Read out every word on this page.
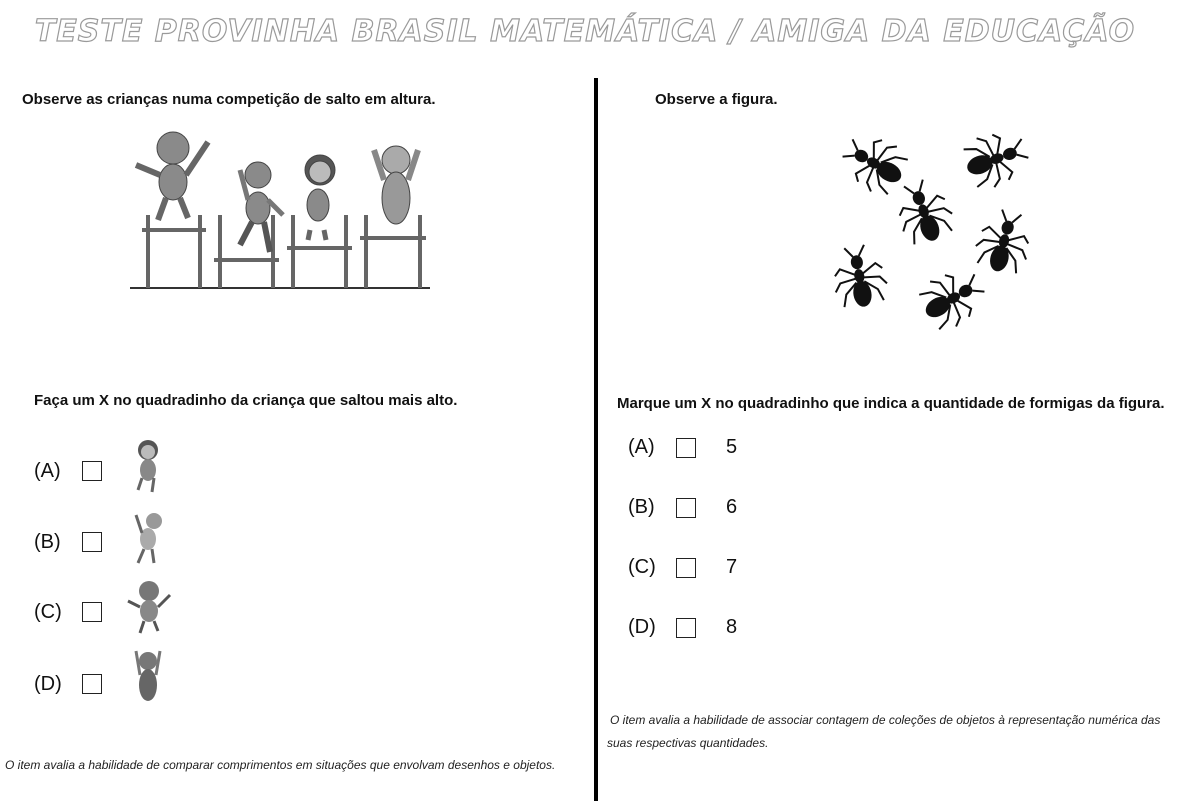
TESTE PROVINHA BRASIL MATEMÁTICA / AMIGA DA EDUCAÇÃO
Observe as crianças numa competição de salto em altura.
Faça um X no quadradinho da criança que saltou mais alto.
(A)
(B)
(C)
(D)
O item avalia a habilidade de comparar comprimentos em situações que envolvam desenhos e objetos.
Observe a figura.
Marque um X no quadradinho que indica a quantidade de formigas da figura.
(A)	5
(B)	6
(C)	7
(D)	8
O item avalia a habilidade de associar contagem de coleções de objetos à representação numérica das
suas respectivas quantidades.
